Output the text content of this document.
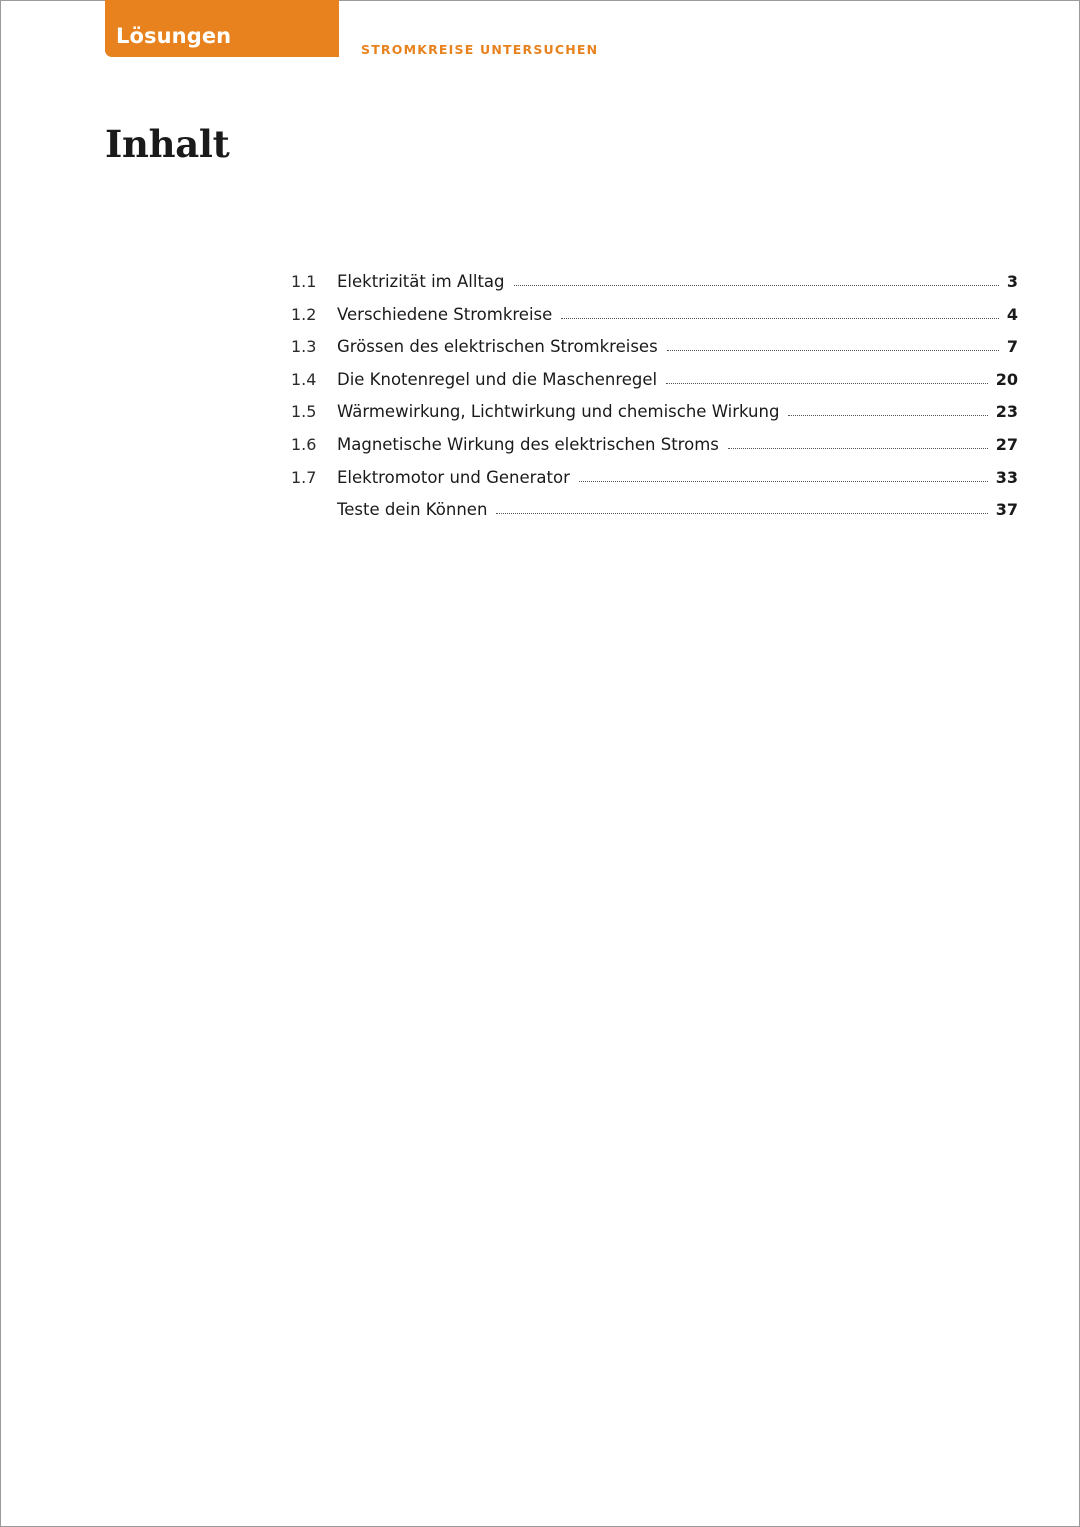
Lösungen
STROMKREISE UNTERSUCHEN
Inhalt
1.1	Elektrizität im Alltag	3
1.2	Verschiedene Stromkreise	4
1.3	Grössen des elektrischen Stromkreises	7
1.4	Die Knotenregel und die Maschenregel	20
1.5	Wärmewirkung, Lichtwirkung und chemische Wirkung	23
1.6	Magnetische Wirkung des elektrischen Stroms	27
1.7	Elektromotor und Generator	33
Teste dein Können	37
